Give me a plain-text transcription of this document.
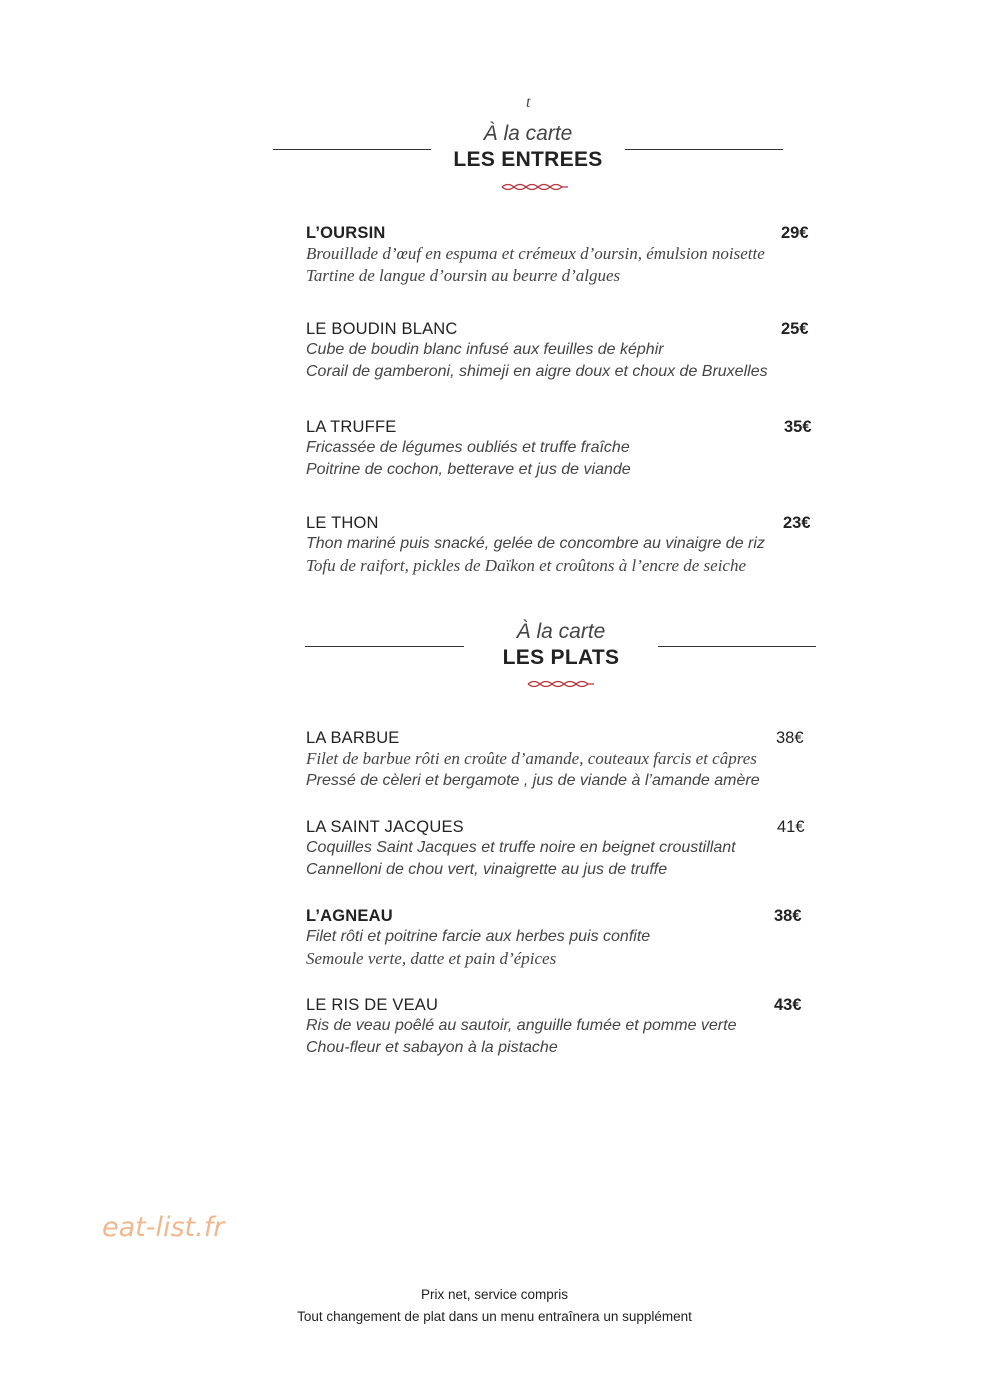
t
À la carte
LES ENTREES
L’OURSIN	29€
Brouillade d’œuf en espuma et crémeux d’oursin, émulsion noisette
Tartine de langue d’oursin au beurre d’algues
LE BOUDIN BLANC	25€
Cube de boudin blanc infusé aux feuilles de képhir
Corail de gamberoni, shimeji en aigre doux et choux de Bruxelles
LA TRUFFE	35€
Fricassée de légumes oubliés et truffe fraîche
Poitrine de cochon, betterave et jus de viande
LE THON	23€
Thon mariné puis snacké, gelée de concombre au vinaigre de riz
Tofu de raifort, pickles de Daïkon et croûtons à l’encre de seiche
À la carte
LES PLATS
LA BARBUE	38€
Filet de barbue rôti en croûte d’amande, couteaux farcis et câpres
Pressé de cèleri et bergamote , jus de viande à l’amande amère
LA SAINT JACQUES	41€
Coquilles Saint Jacques et truffe noire en beignet croustillant
Cannelloni de chou vert, vinaigrette au jus de truffe
L’AGNEAU	38€
Filet rôti et poitrine farcie aux herbes puis confite
Semoule verte, datte et pain d’épices
LE RIS DE VEAU	43€
Ris de veau poêlé au sautoir, anguille fumée et pomme verte
Chou-fleur et sabayon à la pistache
eat-list.fr
Prix net, service compris
Tout changement de plat dans un menu entraînera un supplément
